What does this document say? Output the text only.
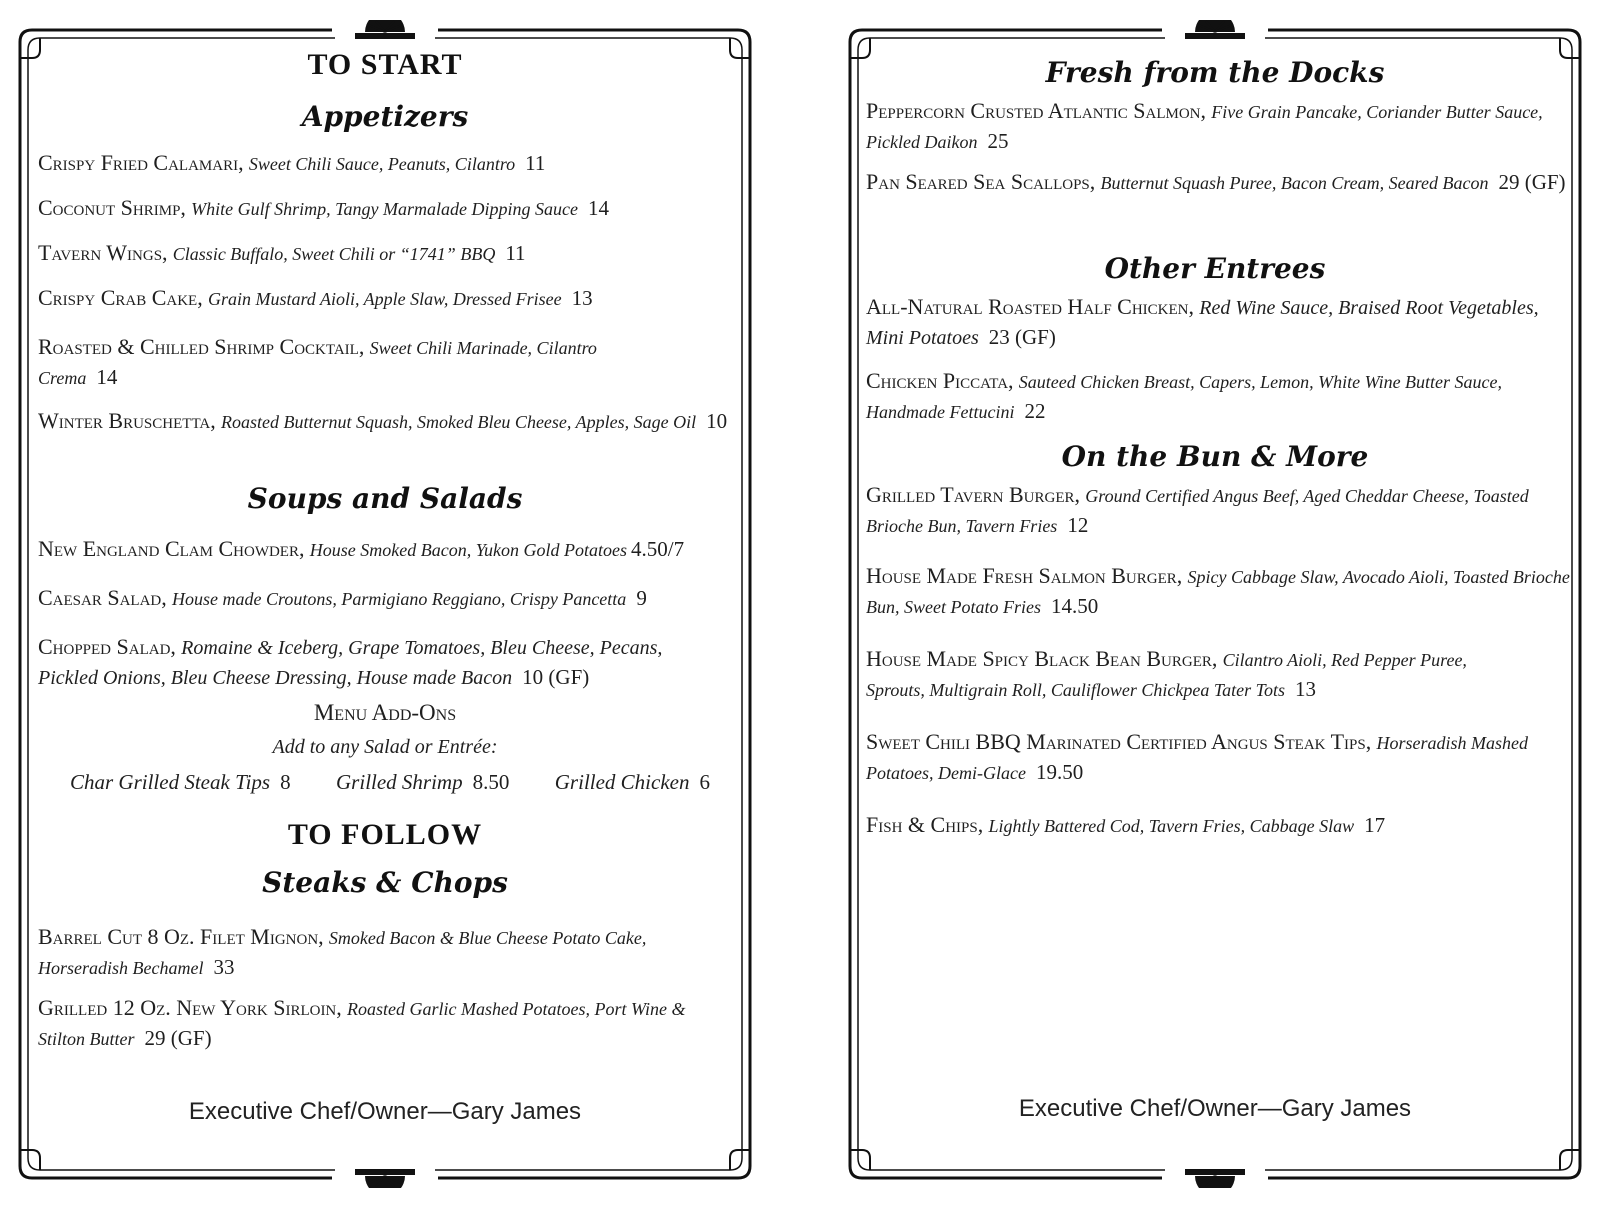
TO START
Appetizers
Crispy Fried Calamari, Sweet Chili Sauce, Peanuts, Cilantro 11
Coconut Shrimp, White Gulf Shrimp, Tangy Marmalade Dipping Sauce 14
Tavern Wings, Classic Buffalo, Sweet Chili or “1741” BBQ 11
Crispy Crab Cake, Grain Mustard Aioli, Apple Slaw, Dressed Frisee 13
Roasted & Chilled Shrimp Cocktail, Sweet Chili Marinade, Cilantro Crema 14
Winter Bruschetta, Roasted Butternut Squash, Smoked Bleu Cheese, Apples, Sage Oil 10
Soups and Salads
New England Clam Chowder, House Smoked Bacon, Yukon Gold Potatoes 4.50/7
Caesar Salad, House made Croutons, Parmigiano Reggiano, Crispy Pancetta 9
Chopped Salad, Romaine & Iceberg, Grape Tomatoes, Bleu Cheese, Pecans, Pickled Onions, Bleu Cheese Dressing, House made Bacon 10 (GF)
Menu Add-Ons
Add to any Salad or Entrée:
Char Grilled Steak Tips 8 Grilled Shrimp 8.50 Grilled Chicken 6
TO FOLLOW
Steaks & Chops
Barrel Cut 8 Oz. Filet Mignon, Smoked Bacon & Blue Cheese Potato Cake, Horseradish Bechamel 33
Grilled 12 Oz. New York Sirloin, Roasted Garlic Mashed Potatoes, Port Wine & Stilton Butter 29 (GF)
Executive Chef/Owner—Gary James
Fresh from the Docks
Peppercorn Crusted Atlantic Salmon, Five Grain Pancake, Coriander Butter Sauce, Pickled Daikon 25
Pan Seared Sea Scallops, Butternut Squash Puree, Bacon Cream, Seared Bacon 29 (GF)
Other Entrees
All-Natural Roasted Half Chicken, Red Wine Sauce, Braised Root Vegetables, Mini Potatoes 23 (GF)
Chicken Piccata, Sauteed Chicken Breast, Capers, Lemon, White Wine Butter Sauce, Handmade Fettucini 22
On the Bun & More
Grilled Tavern Burger, Ground Certified Angus Beef, Aged Cheddar Cheese, Toasted Brioche Bun, Tavern Fries 12
House Made Fresh Salmon Burger, Spicy Cabbage Slaw, Avocado Aioli, Toasted Brioche Bun, Sweet Potato Fries 14.50
House Made Spicy Black Bean Burger, Cilantro Aioli, Red Pepper Puree, Sprouts, Multigrain Roll, Cauliflower Chickpea Tater Tots 13
Sweet Chili BBQ Marinated Certified Angus Steak Tips, Horseradish Mashed Potatoes, Demi-Glace 19.50
Fish & Chips, Lightly Battered Cod, Tavern Fries, Cabbage Slaw 17
Executive Chef/Owner—Gary James
